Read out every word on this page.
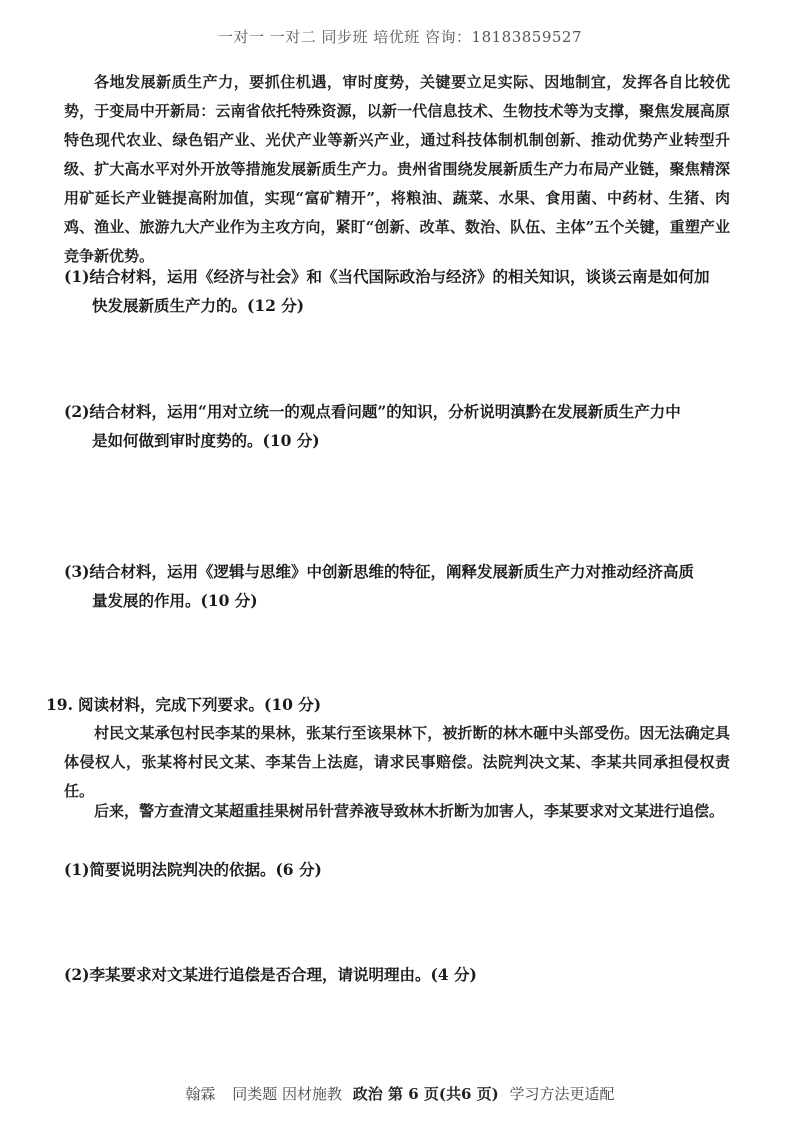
一对一 一对二 同步班 培优班 咨询：18183859527
各地发展新质生产力，要抓住机遇，审时度势，关键要立足实际、因地制宜，发挥各自比较优势，于变局中开新局：云南省依托特殊资源，以新一代信息技术、生物技术等为支撑，聚焦发展高原特色现代农业、绿色铝产业、光伏产业等新兴产业，通过科技体制机制创新、推动优势产业转型升级、扩大高水平对外开放等措施发展新质生产力。贵州省围绕发展新质生产力布局产业链，聚焦精深用矿延长产业链提高附加值，实现“富矿精开”，将粮油、蔬菜、水果、食用菌、中药材、生猪、肉鸡、渔业、旅游九大产业作为主攻方向，紧盯“创新、改革、数治、队伍、主体”五个关键，重塑产业竞争新优势。
(1)结合材料，运用《经济与社会》和《当代国际政治与经济》的相关知识，谈谈云南是如何加
快发展新质生产力的。(12 分)
(2)结合材料，运用“用对立统一的观点看问题”的知识，分析说明滇黔在发展新质生产力中
是如何做到审时度势的。(10 分)
(3)结合材料，运用《逻辑与思维》中创新思维的特征，阐释发展新质生产力对推动经济高质
量发展的作用。(10 分)
19. 阅读材料，完成下列要求。(10 分)
村民文某承包村民李某的果林，张某行至该果林下，被折断的林木砸中头部受伤。因无法确定具体侵权人，张某将村民文某、李某告上法庭，请求民事赔偿。法院判决文某、李某共同承担侵权责任。
后来，警方查清文某超重挂果树吊针营养液导致林木折断为加害人，李某要求对文某进行追偿。
(1)简要说明法院判决的依据。(6 分)
(2)李某要求对文某进行追偿是否合理，请说明理由。(4 分)
翰霖 同类题 因材施教 政治 第 6 页(共6 页) 学习方法更适配
